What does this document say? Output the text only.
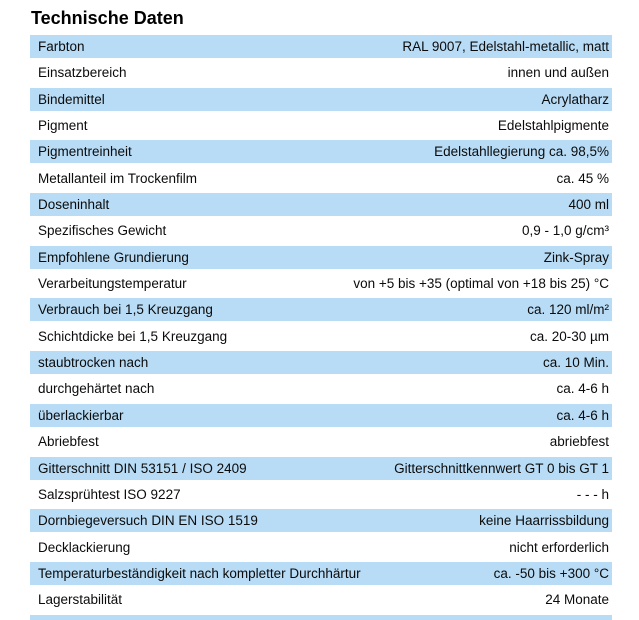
Technische Daten
Farbton	RAL 9007, Edelstahl-metallic, matt
Einsatzbereich	innen und außen
Bindemittel	Acrylatharz
Pigment	Edelstahlpigmente
Pigmentreinheit	Edelstahllegierung ca. 98,5%
Metallanteil im Trockenfilm	ca. 45 %
Doseninhalt	400 ml
Spezifisches Gewicht	0,9 - 1,0 g/cm³
Empfohlene Grundierung	Zink-Spray
Verarbeitungstemperatur	von +5 bis +35 (optimal von +18 bis 25) °C
Verbrauch bei 1,5 Kreuzgang	ca. 120 ml/m²
Schichtdicke bei 1,5 Kreuzgang	ca. 20-30 µm
staubtrocken nach	ca. 10 Min.
durchgehärtet nach	ca. 4-6 h
überlackierbar	ca. 4-6 h
Abriebfest	abriebfest
Gitterschnitt DIN 53151 / ISO 2409	Gitterschnittkennwert GT 0 bis GT 1
Salzsprühtest ISO 9227	- - - h
Dornbiegeversuch DIN EN ISO 1519	keine Haarrissbildung
Decklackierung	nicht erforderlich
Temperaturbeständigkeit nach kompletter Durchhärtur	ca. -50 bis +300 °C
Lagerstabilität	24 Monate
